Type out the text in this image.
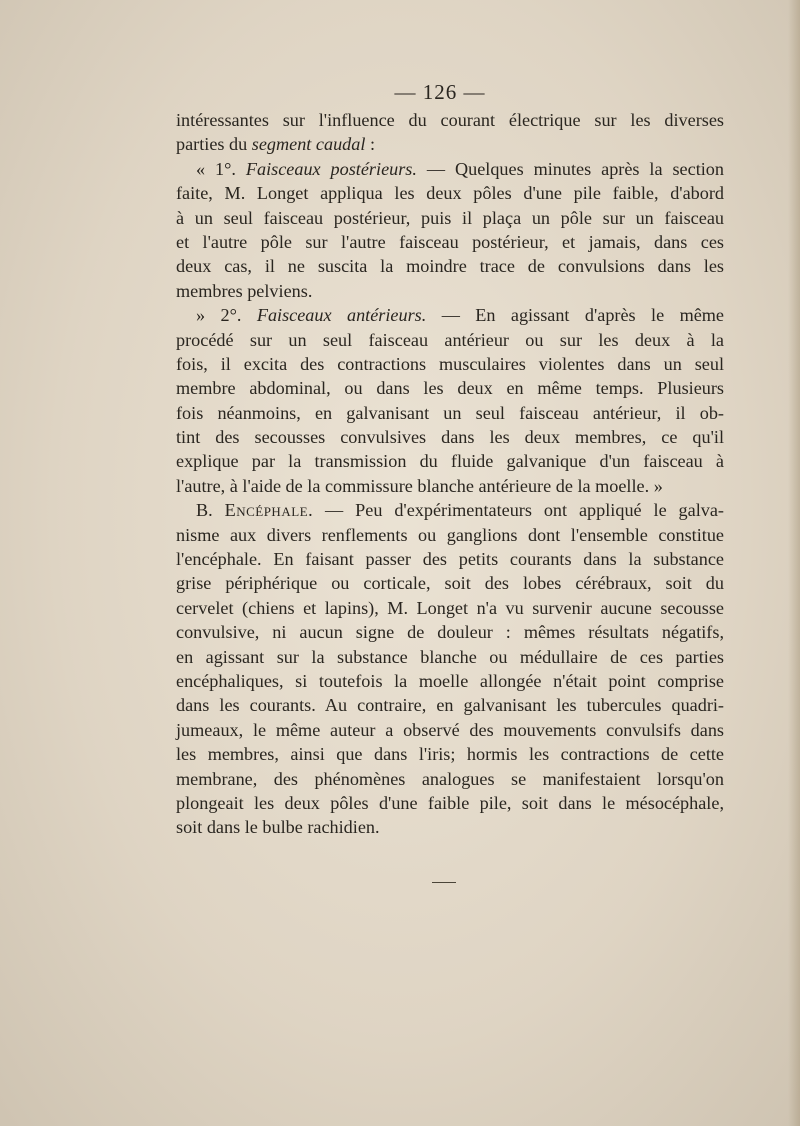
— 126 —
intéressantes sur l'influence du courant électrique sur les diverses
parties du segment caudal :
« 1°. Faisceaux postérieurs. — Quelques minutes après la section
faite, M. Longet appliqua les deux pôles d'une pile faible, d'abord
à un seul faisceau postérieur, puis il plaça un pôle sur un faisceau
et l'autre pôle sur l'autre faisceau postérieur, et jamais, dans ces
deux cas, il ne suscita la moindre trace de convulsions dans les
membres pelviens.
» 2°. Faisceaux antérieurs. — En agissant d'après le même
procédé sur un seul faisceau antérieur ou sur les deux à la
fois, il excita des contractions musculaires violentes dans un seul
membre abdominal, ou dans les deux en même temps. Plusieurs
fois néanmoins, en galvanisant un seul faisceau antérieur, il ob-
tint des secousses convulsives dans les deux membres, ce qu'il
explique par la transmission du fluide galvanique d'un faisceau à
l'autre, à l'aide de la commissure blanche antérieure de la moelle. »
B. Encéphale. — Peu d'expérimentateurs ont appliqué le galva-
nisme aux divers renflements ou ganglions dont l'ensemble constitue
l'encéphale. En faisant passer des petits courants dans la substance
grise périphérique ou corticale, soit des lobes cérébraux, soit du
cervelet (chiens et lapins), M. Longet n'a vu survenir aucune secousse
convulsive, ni aucun signe de douleur : mêmes résultats négatifs,
en agissant sur la substance blanche ou médullaire de ces parties
encéphaliques, si toutefois la moelle allongée n'était point comprise
dans les courants. Au contraire, en galvanisant les tubercules quadri-
jumeaux, le même auteur a observé des mouvements convulsifs dans
les membres, ainsi que dans l'iris; hormis les contractions de cette
membrane, des phénomènes analogues se manifestaient lorsqu'on
plongeait les deux pôles d'une faible pile, soit dans le mésocéphale,
soit dans le bulbe rachidien.
